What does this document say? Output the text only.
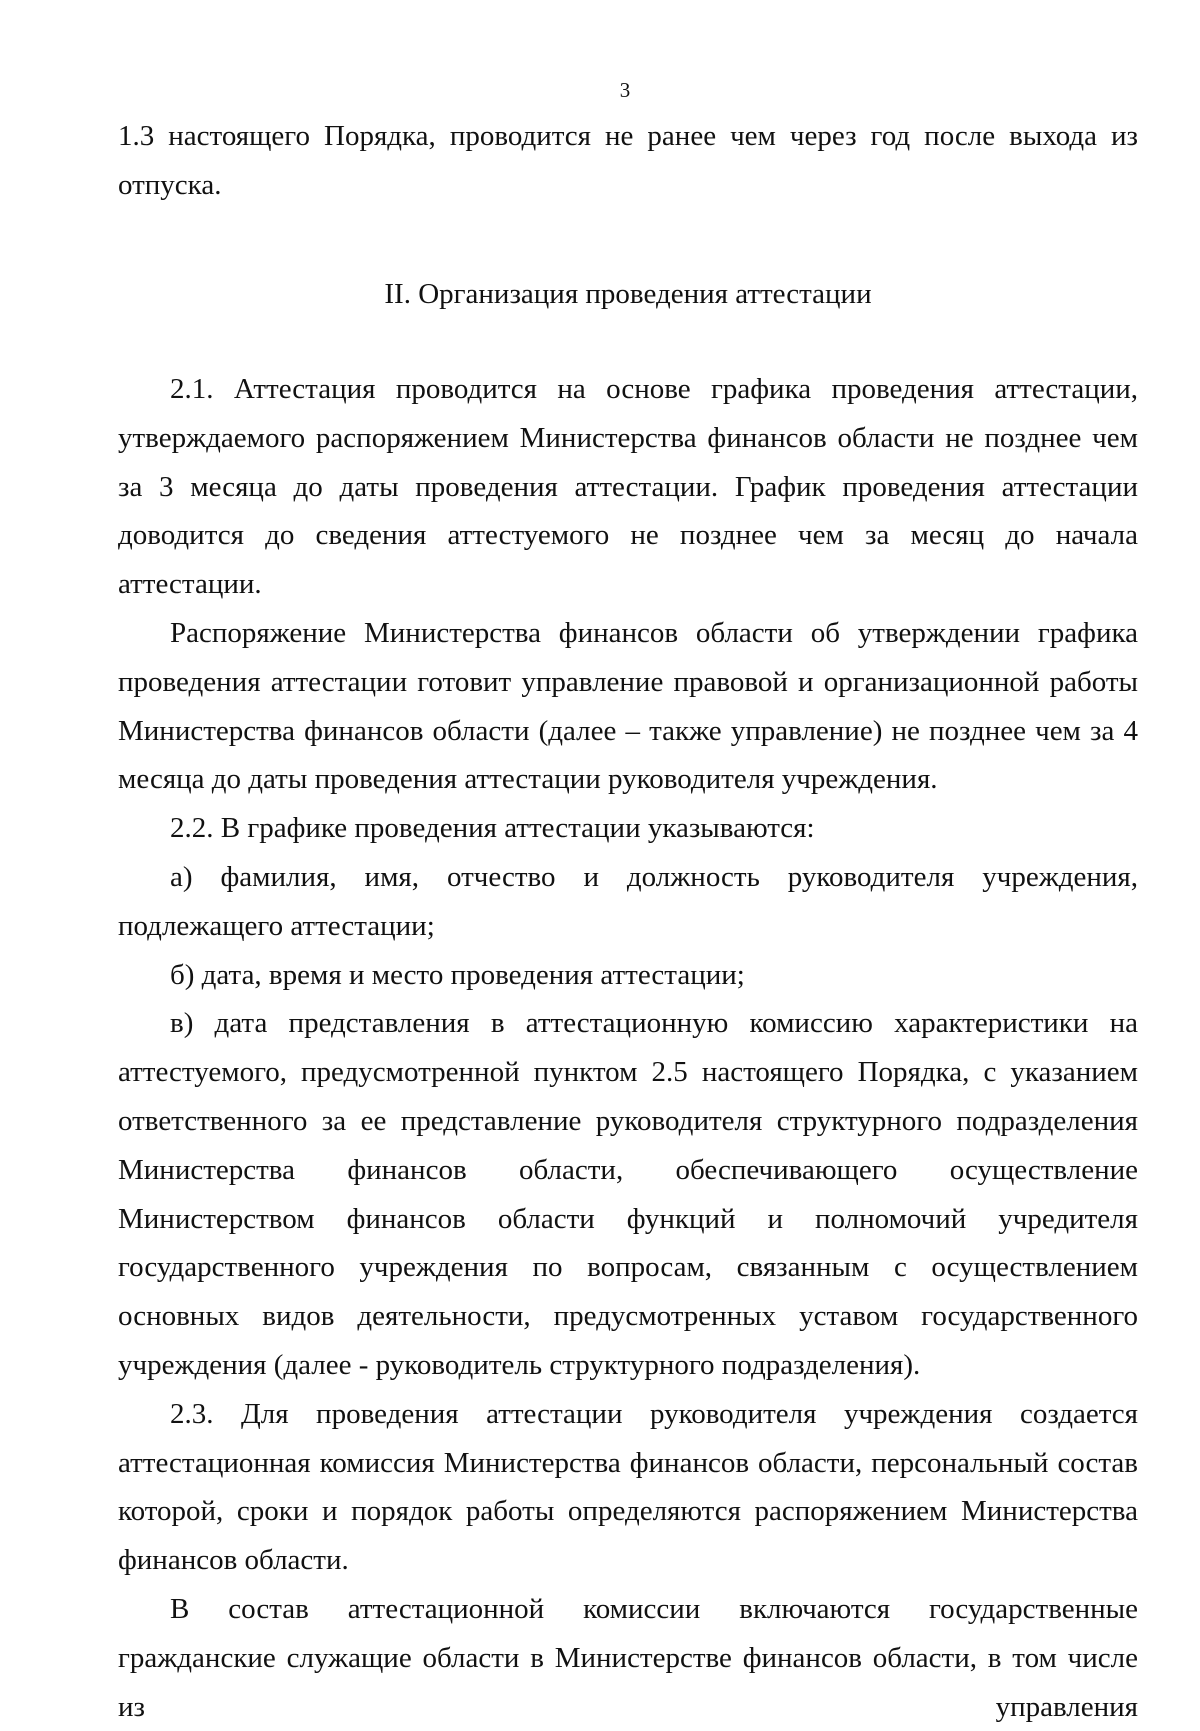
3

1.3 настоящего Порядка, проводится не ранее чем через год после выхода из отпуска.

II. Организация проведения аттестации

2.1. Аттестация проводится на основе графика проведения аттестации, утверждаемого распоряжением Министерства финансов области не позднее чем за 3 месяца до даты проведения аттестации. График проведения аттестации доводится до сведения аттестуемого не позднее чем за месяц до начала аттестации.

Распоряжение Министерства финансов области об утверждении графика проведения аттестации готовит управление правовой и организационной работы Министерства финансов области (далее – также управление) не позднее чем за 4 месяца до даты проведения аттестации руководителя учреждения.

2.2. В графике проведения аттестации указываются:

а) фамилия, имя, отчество и должность руководителя учреждения, подлежащего аттестации;

б) дата, время и место проведения аттестации;

в) дата представления в аттестационную комиссию характеристики на аттестуемого, предусмотренной пунктом 2.5 настоящего Порядка, с указанием ответственного за ее представление руководителя структурного подразделения Министерства финансов области, обеспечивающего осуществление Министерством финансов области функций и полномочий учредителя государственного учреждения по вопросам, связанным с осуществлением основных видов деятельности, предусмотренных уставом государственного учреждения (далее - руководитель структурного подразделения).

2.3. Для проведения аттестации руководителя учреждения создается аттестационная комиссия Министерства финансов области, персональный состав которой, сроки и порядок работы определяются распоряжением Министерства финансов области.

В состав аттестационной комиссии включаются государственные гражданские служащие области в Министерстве финансов области, в том числе из управления
